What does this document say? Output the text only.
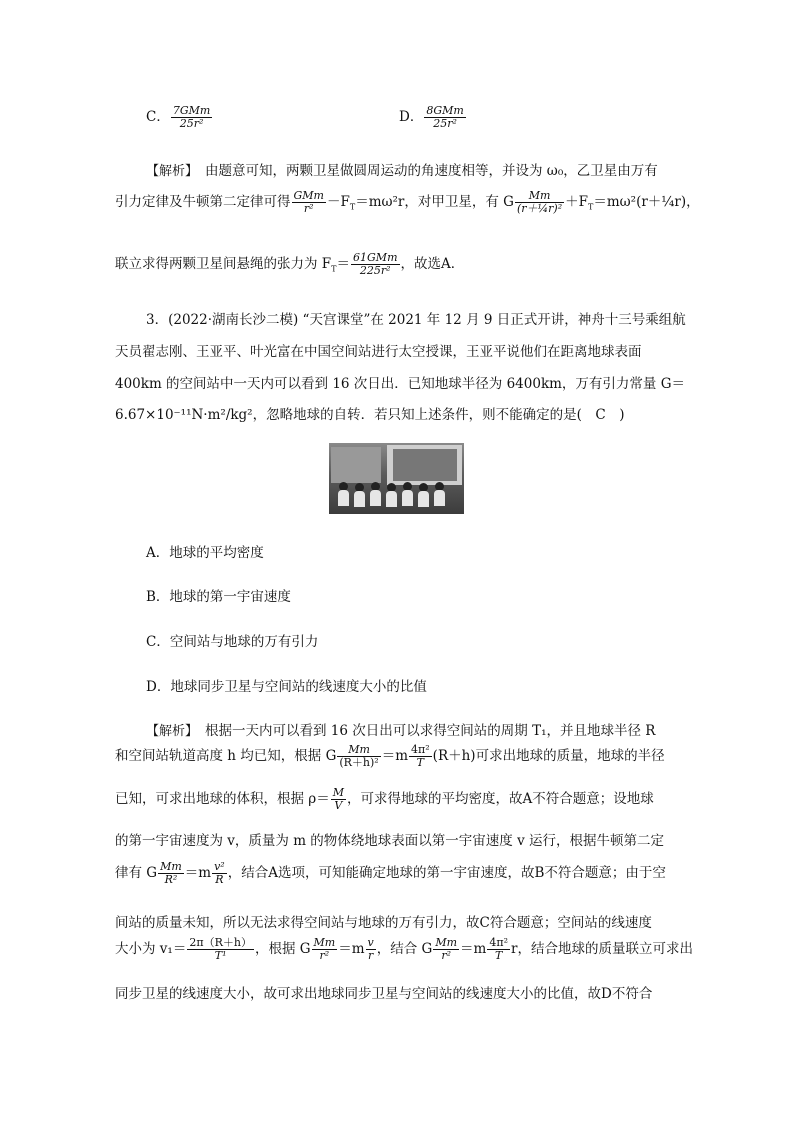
C． $\frac{\text{7GMm}}{\text{25r²}}$	D． $\frac{\text{8GMm}}{\text{25r²}}$
【解析】　 由题意可知，两颗卫星做圆周运动的角速度相等，并设为 ω₀，乙卫星由万有
引力定律及牛顿第二定律可得 $\frac{\text{GMm}}{\text{r²}} -F_T=m\omega^2r$，对甲卫星，有 G $\frac{Mm}{\text{(r＋¼r)²}}$ $+F_T=m\omega^2(r+\frac{1}{4}r)$，
联立求得两颗卫星间悬绳的张力为 $F_T= \frac{\text{61GMm}}{\text{225r²}}$ ，故选A．
3．(2022·湖南长沙二模) “天宫课堂”在 2021 年 12 月 9 日正式开讲，神舟十三号乘组航
天员翟志刚、王亚平、叶光富在中国空间站进行太空授课，王亚平说他们在距离地球表面
400km 的空间站中一天内可以看到 16 次日出．已知地球半径为 6400km，万有引力常量 G＝
6.67×10⁻¹¹N·m²/kg²，忽略地球的自转．若只知上述条件，则不能确定的是(　C　)
A．地球的平均密度
B．地球的第一宇宙速度
C．空间站与地球的万有引力
D．地球同步卫星与空间站的线速度大小的比值
【解析】　 根据一天内可以看到 16 次日出可以求得空间站的周期 T₁，并且地球半径 R
和空间站轨道高度 h 均已知，根据 G $\frac{Mm}{\text{(R＋h)²}} =m \frac{\text{4π²}}{T} (R+h)$可求出地球的质量，地球的半径
已知，可求出地球的体积，根据 $\rho= \frac{M}{V}$ ，可求得地球的平均密度，故A不符合题意；设地球
的第一宇宙速度为 v，质量为 m 的物体绕地球表面以第一宇宙速度 v 运行，根据牛顿第二定
律有 G $\frac{Mm}{\text{R²}} =m \frac{\text{v²}}{R}$ ，结合A选项，可知能确定地球的第一宇宙速度，故B不符合题意；由于空
间站的质量未知，所以无法求得空间站与地球的万有引力，故C符合题意；空间站的线速度
大小为 $v_1= \frac{2\pi(R+h)}{\text{T¹}}$ ，根据 G $\frac{Mm}{\text{r²}} =m \frac{v}{r}$ ，结合 G $\frac{Mm}{\text{r²}} =m \frac{\text{4π²}}{T}$ r，结合地球的质量联立可求出
同步卫星的线速度大小，故可求出地球同步卫星与空间站的线速度大小的比值，故D不符合
